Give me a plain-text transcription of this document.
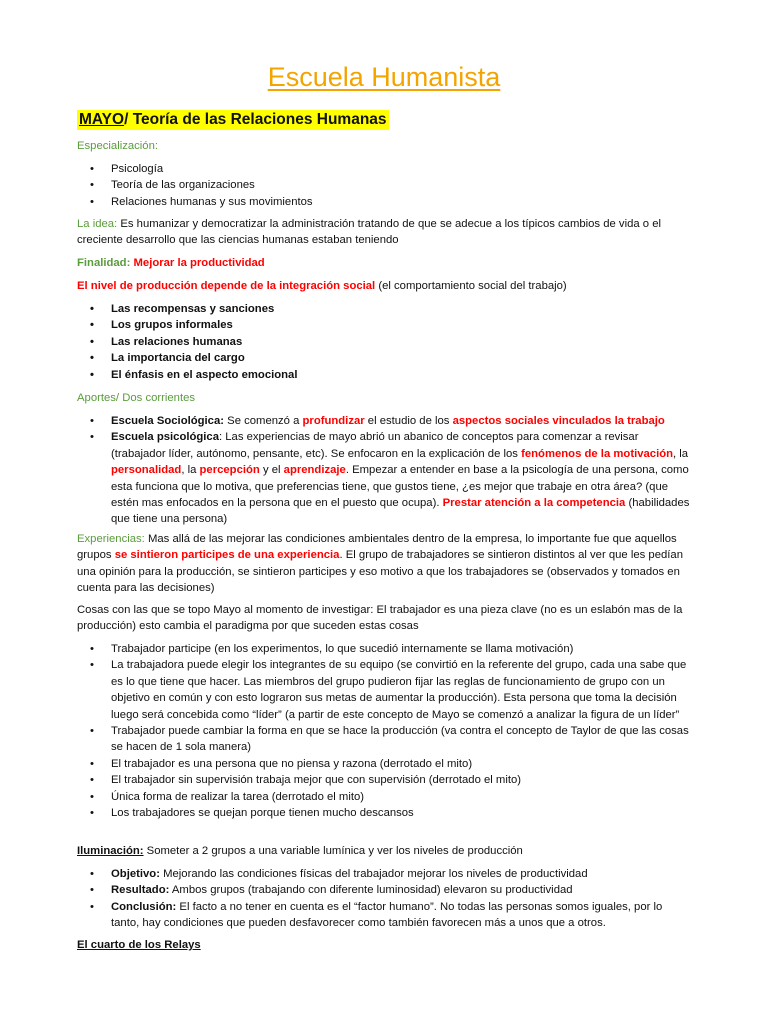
Escuela Humanista
MAYO/ Teoría de las Relaciones Humanas
Especialización:
• Psicología
• Teoría de las organizaciones
• Relaciones humanas y sus movimientos
La idea: Es humanizar y democratizar la administración tratando de que se adecue a los típicos cambios de vida o el creciente desarrollo que las ciencias humanas estaban teniendo
Finalidad: Mejorar la productividad
El nivel de producción depende de la integración social (el comportamiento social del trabajo)
• Las recompensas y sanciones
• Los grupos informales
• Las relaciones humanas
• La importancia del cargo
• El énfasis en el aspecto emocional
Aportes/ Dos corrientes
• Escuela Sociológica: Se comenzó a profundizar el estudio de los aspectos sociales vinculados la trabajo
• Escuela psicológica: Las experiencias de mayo abrió un abanico de conceptos para comenzar a revisar (trabajador líder, autónomo, pensante, etc). Se enfocaron en la explicación de los fenómenos de la motivación, la personalidad, la percepción y el aprendizaje. Empezar a entender en base a la psicología de una persona, como esta funciona que lo motiva, que preferencias tiene, que gustos tiene, ¿es mejor que trabaje en otra área? (que estén mas enfocados en la persona que en el puesto que ocupa). Prestar atención a la competencia (habilidades que tiene una persona)
Experiencias: Mas allá de las mejorar las condiciones ambientales dentro de la empresa, lo importante fue que aquellos grupos se sintieron participes de una experiencia. El grupo de trabajadores se sintieron distintos al ver que les pedían una opinión para la producción, se sintieron participes y eso motivo a que los trabajadores se (observados y tomados en cuenta para las decisiones)
Cosas con las que se topo Mayo al momento de investigar: El trabajador es una pieza clave (no es un eslabón mas de la producción) esto cambia el paradigma por que suceden estas cosas
• Trabajador participe (en los experimentos, lo que sucedió internamente se llama motivación)
• La trabajadora puede elegir los integrantes de su equipo (se convirtió en la referente del grupo, cada una sabe que es lo que tiene que hacer. Las miembros del grupo pudieron fijar las reglas de funcionamiento de grupo con un objetivo en común y con esto lograron sus metas de aumentar la producción). Esta persona que toma la decisión luego será concebida como “líder” (a partir de este concepto de Mayo se comenzó a analizar la figura de un líder”
• Trabajador puede cambiar la forma en que se hace la producción (va contra el concepto de Taylor de que las cosas se hacen de 1 sola manera)
• El trabajador es una persona que no piensa y razona (derrotado el mito)
• El trabajador sin supervisión trabaja mejor que con supervisión (derrotado el mito)
• Única forma de realizar la tarea (derrotado el mito)
• Los trabajadores se quejan porque tienen mucho descansos
Iluminación: Someter a 2 grupos a una variable lumínica y ver los niveles de producción
• Objetivo: Mejorando las condiciones físicas del trabajador mejorar los niveles de productividad
• Resultado: Ambos grupos (trabajando con diferente luminosidad) elevaron su productividad
• Conclusión: El facto a no tener en cuenta es el “factor humano”. No todas las personas somos iguales, por lo tanto, hay condiciones que pueden desfavorecer como también favorecen más a unos que a otros.
El cuarto de los Relays
